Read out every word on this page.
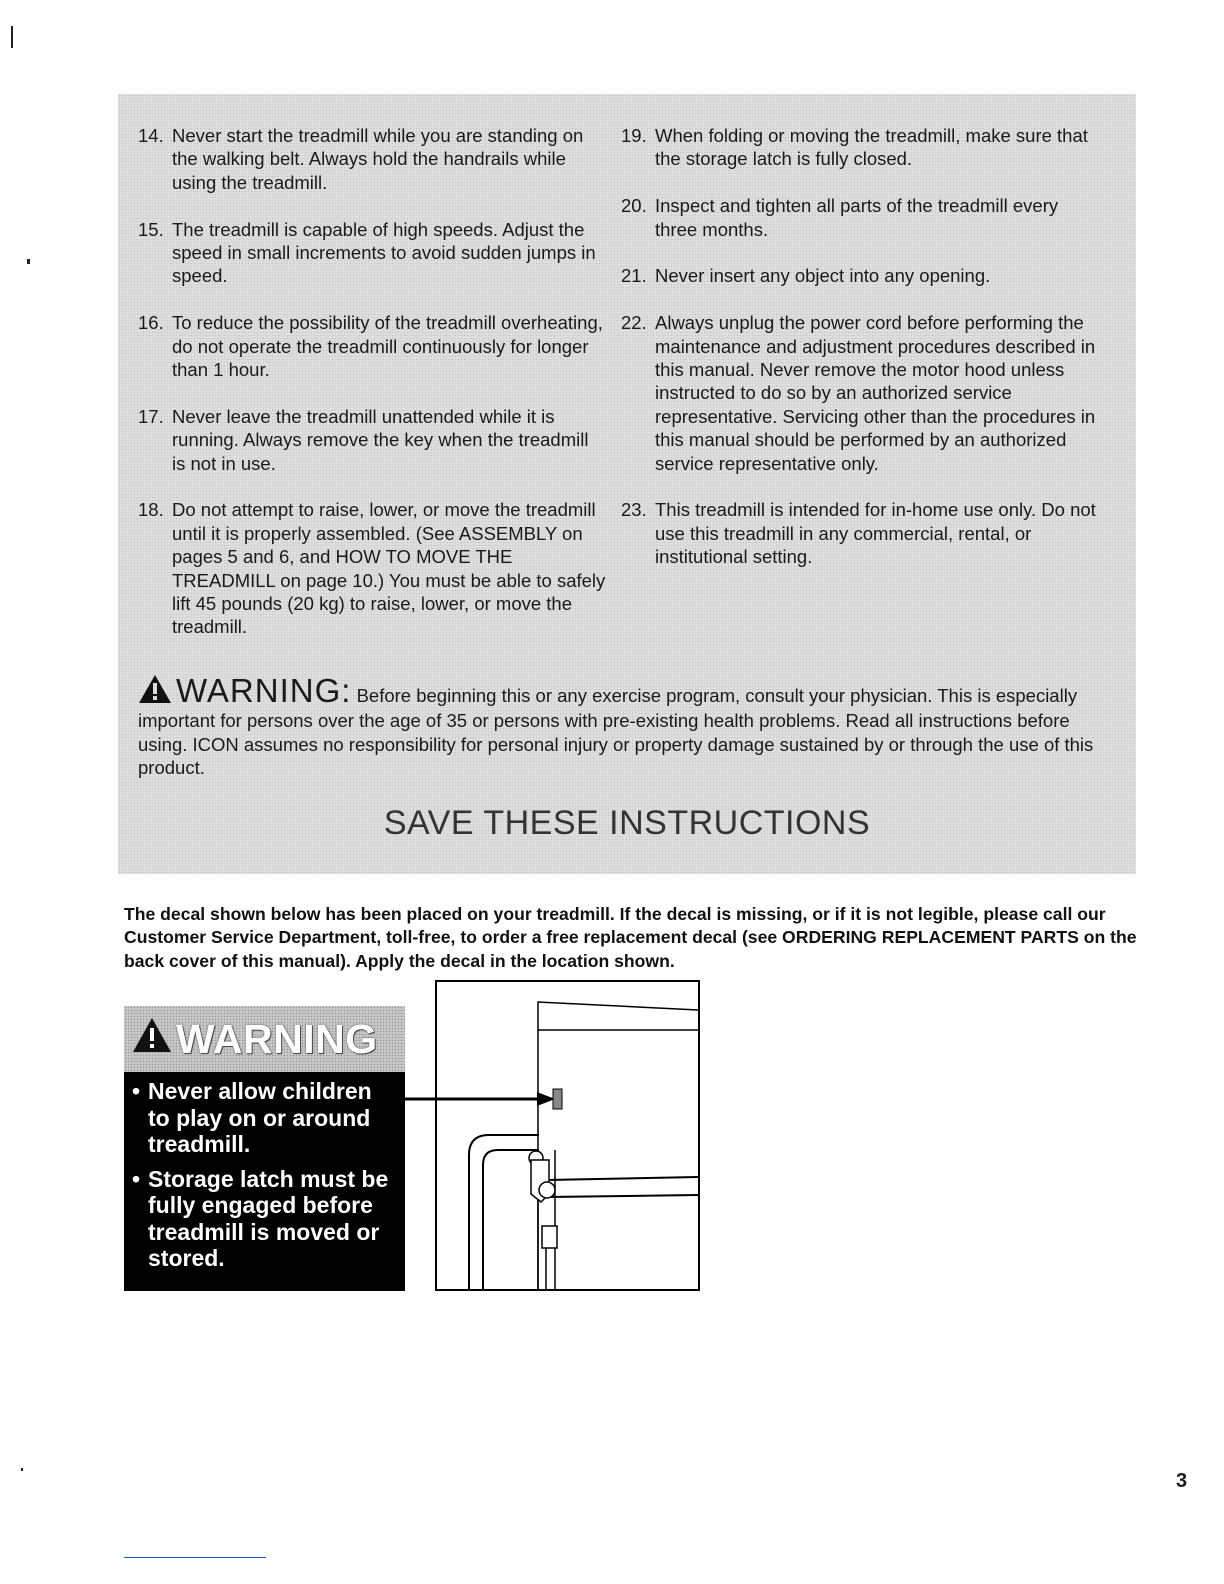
14. Never start the treadmill while you are standing on the walking belt. Always hold the handrails while using the treadmill.
15. The treadmill is capable of high speeds. Adjust the speed in small increments to avoid sudden jumps in speed.
16. To reduce the possibility of the treadmill overheating, do not operate the treadmill continuously for longer than 1 hour.
17. Never leave the treadmill unattended while it is running. Always remove the key when the treadmill is not in use.
18. Do not attempt to raise, lower, or move the treadmill until it is properly assembled. (See ASSEMBLY on pages 5 and 6, and HOW TO MOVE THE TREADMILL on page 10.) You must be able to safely lift 45 pounds (20 kg) to raise, lower, or move the treadmill.
19. When folding or moving the treadmill, make sure that the storage latch is fully closed.
20. Inspect and tighten all parts of the treadmill every three months.
21. Never insert any object into any opening.
22. Always unplug the power cord before performing the maintenance and adjustment procedures described in this manual. Never remove the motor hood unless instructed to do so by an authorized service representative. Servicing other than the procedures in this manual should be performed by an authorized service representative only.
23. This treadmill is intended for in-home use only. Do not use this treadmill in any commercial, rental, or institutional setting.
WARNING: Before beginning this or any exercise program, consult your physician. This is especially important for persons over the age of 35 or persons with pre-existing health problems. Read all instructions before using. ICON assumes no responsibility for personal injury or property damage sustained by or through the use of this product.
SAVE THESE INSTRUCTIONS
The decal shown below has been placed on your treadmill. If the decal is missing, or if it is not legible, please call our Customer Service Department, toll-free, to order a free replacement decal (see ORDERING REPLACEMENT PARTS on the back cover of this manual). Apply the decal in the location shown.
WARNING
• Never allow children to play on or around treadmill.
• Storage latch must be fully engaged before treadmill is moved or stored.
3
